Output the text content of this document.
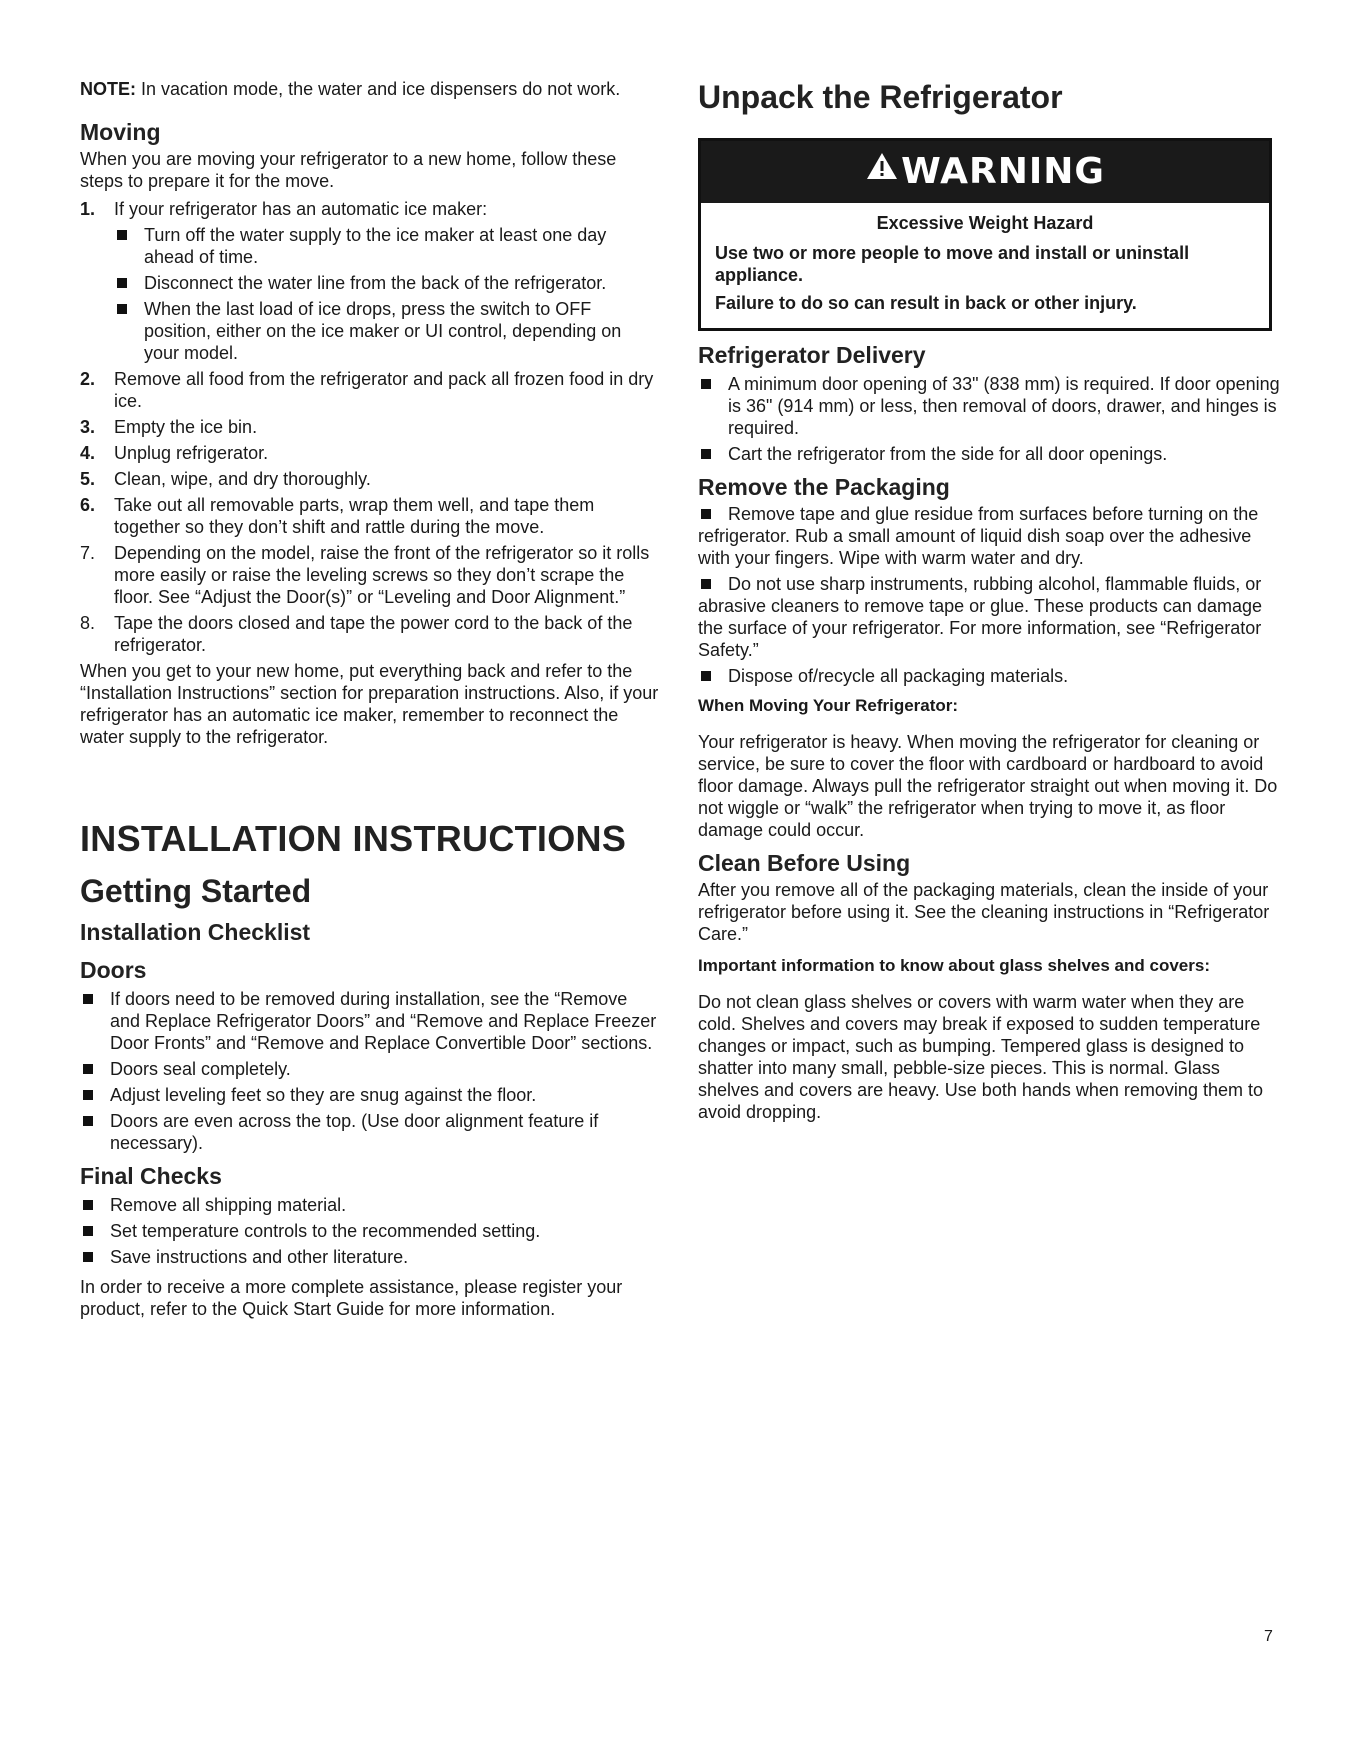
NOTE: In vacation mode, the water and ice dispensers do not work.

Moving

When you are moving your refrigerator to a new home, follow these steps to prepare it for the move.

1. If your refrigerator has an automatic ice maker:
Turn off the water supply to the ice maker at least one day ahead of time.
Disconnect the water line from the back of the refrigerator.
When the last load of ice drops, press the switch to OFF position, either on the ice maker or UI control, depending on your model.
2. Remove all food from the refrigerator and pack all frozen food in dry ice.
3. Empty the ice bin.
4. Unplug refrigerator.
5. Clean, wipe, and dry thoroughly.
6. Take out all removable parts, wrap them well, and tape them together so they don’t shift and rattle during the move.
7. Depending on the model, raise the front of the refrigerator so it rolls more easily or raise the leveling screws so they don’t scrape the floor. See “Adjust the Door(s)” or “Leveling and Door Alignment.”
8. Tape the doors closed and tape the power cord to the back of the refrigerator.

When you get to your new home, put everything back and refer to the “Installation Instructions” section for preparation instructions. Also, if your refrigerator has an automatic ice maker, remember to reconnect the water supply to the refrigerator.

INSTALLATION INSTRUCTIONS
Getting Started
Installation Checklist
Doors
If doors need to be removed during installation, see the “Remove and Replace Refrigerator Doors” and “Remove and Replace Freezer Door Fronts” and “Remove and Replace Convertible Door” sections.
Doors seal completely.
Adjust leveling feet so they are snug against the floor.
Doors are even across the top. (Use door alignment feature if necessary).
Final Checks
Remove all shipping material.
Set temperature controls to the recommended setting.
Save instructions and other literature.

In order to receive a more complete assistance, please register your product, refer to the Quick Start Guide for more information.

Unpack the Refrigerator
WARNING
Excessive Weight Hazard
Use two or more people to move and install or uninstall appliance.
Failure to do so can result in back or other injury.
Refrigerator Delivery
A minimum door opening of 33" (838 mm) is required. If door opening is 36" (914 mm) or less, then removal of doors, drawer, and hinges is required.
Cart the refrigerator from the side for all door openings.
Remove the Packaging
Remove tape and glue residue from surfaces before turning on the refrigerator. Rub a small amount of liquid dish soap over the adhesive with your fingers. Wipe with warm water and dry.
Do not use sharp instruments, rubbing alcohol, flammable fluids, or abrasive cleaners to remove tape or glue. These products can damage the surface of your refrigerator. For more information, see “Refrigerator Safety.”
Dispose of/recycle all packaging materials.
When Moving Your Refrigerator:

Your refrigerator is heavy. When moving the refrigerator for cleaning or service, be sure to cover the floor with cardboard or hardboard to avoid floor damage. Always pull the refrigerator straight out when moving it. Do not wiggle or “walk” the refrigerator when trying to move it, as floor damage could occur.

Clean Before Using

After you remove all of the packaging materials, clean the inside of your refrigerator before using it. See the cleaning instructions in “Refrigerator Care.”

Important information to know about glass shelves and covers:

Do not clean glass shelves or covers with warm water when they are cold. Shelves and covers may break if exposed to sudden temperature changes or impact, such as bumping. Tempered glass is designed to shatter into many small, pebble-size pieces. This is normal. Glass shelves and covers are heavy. Use both hands when removing them to avoid dropping.

7
